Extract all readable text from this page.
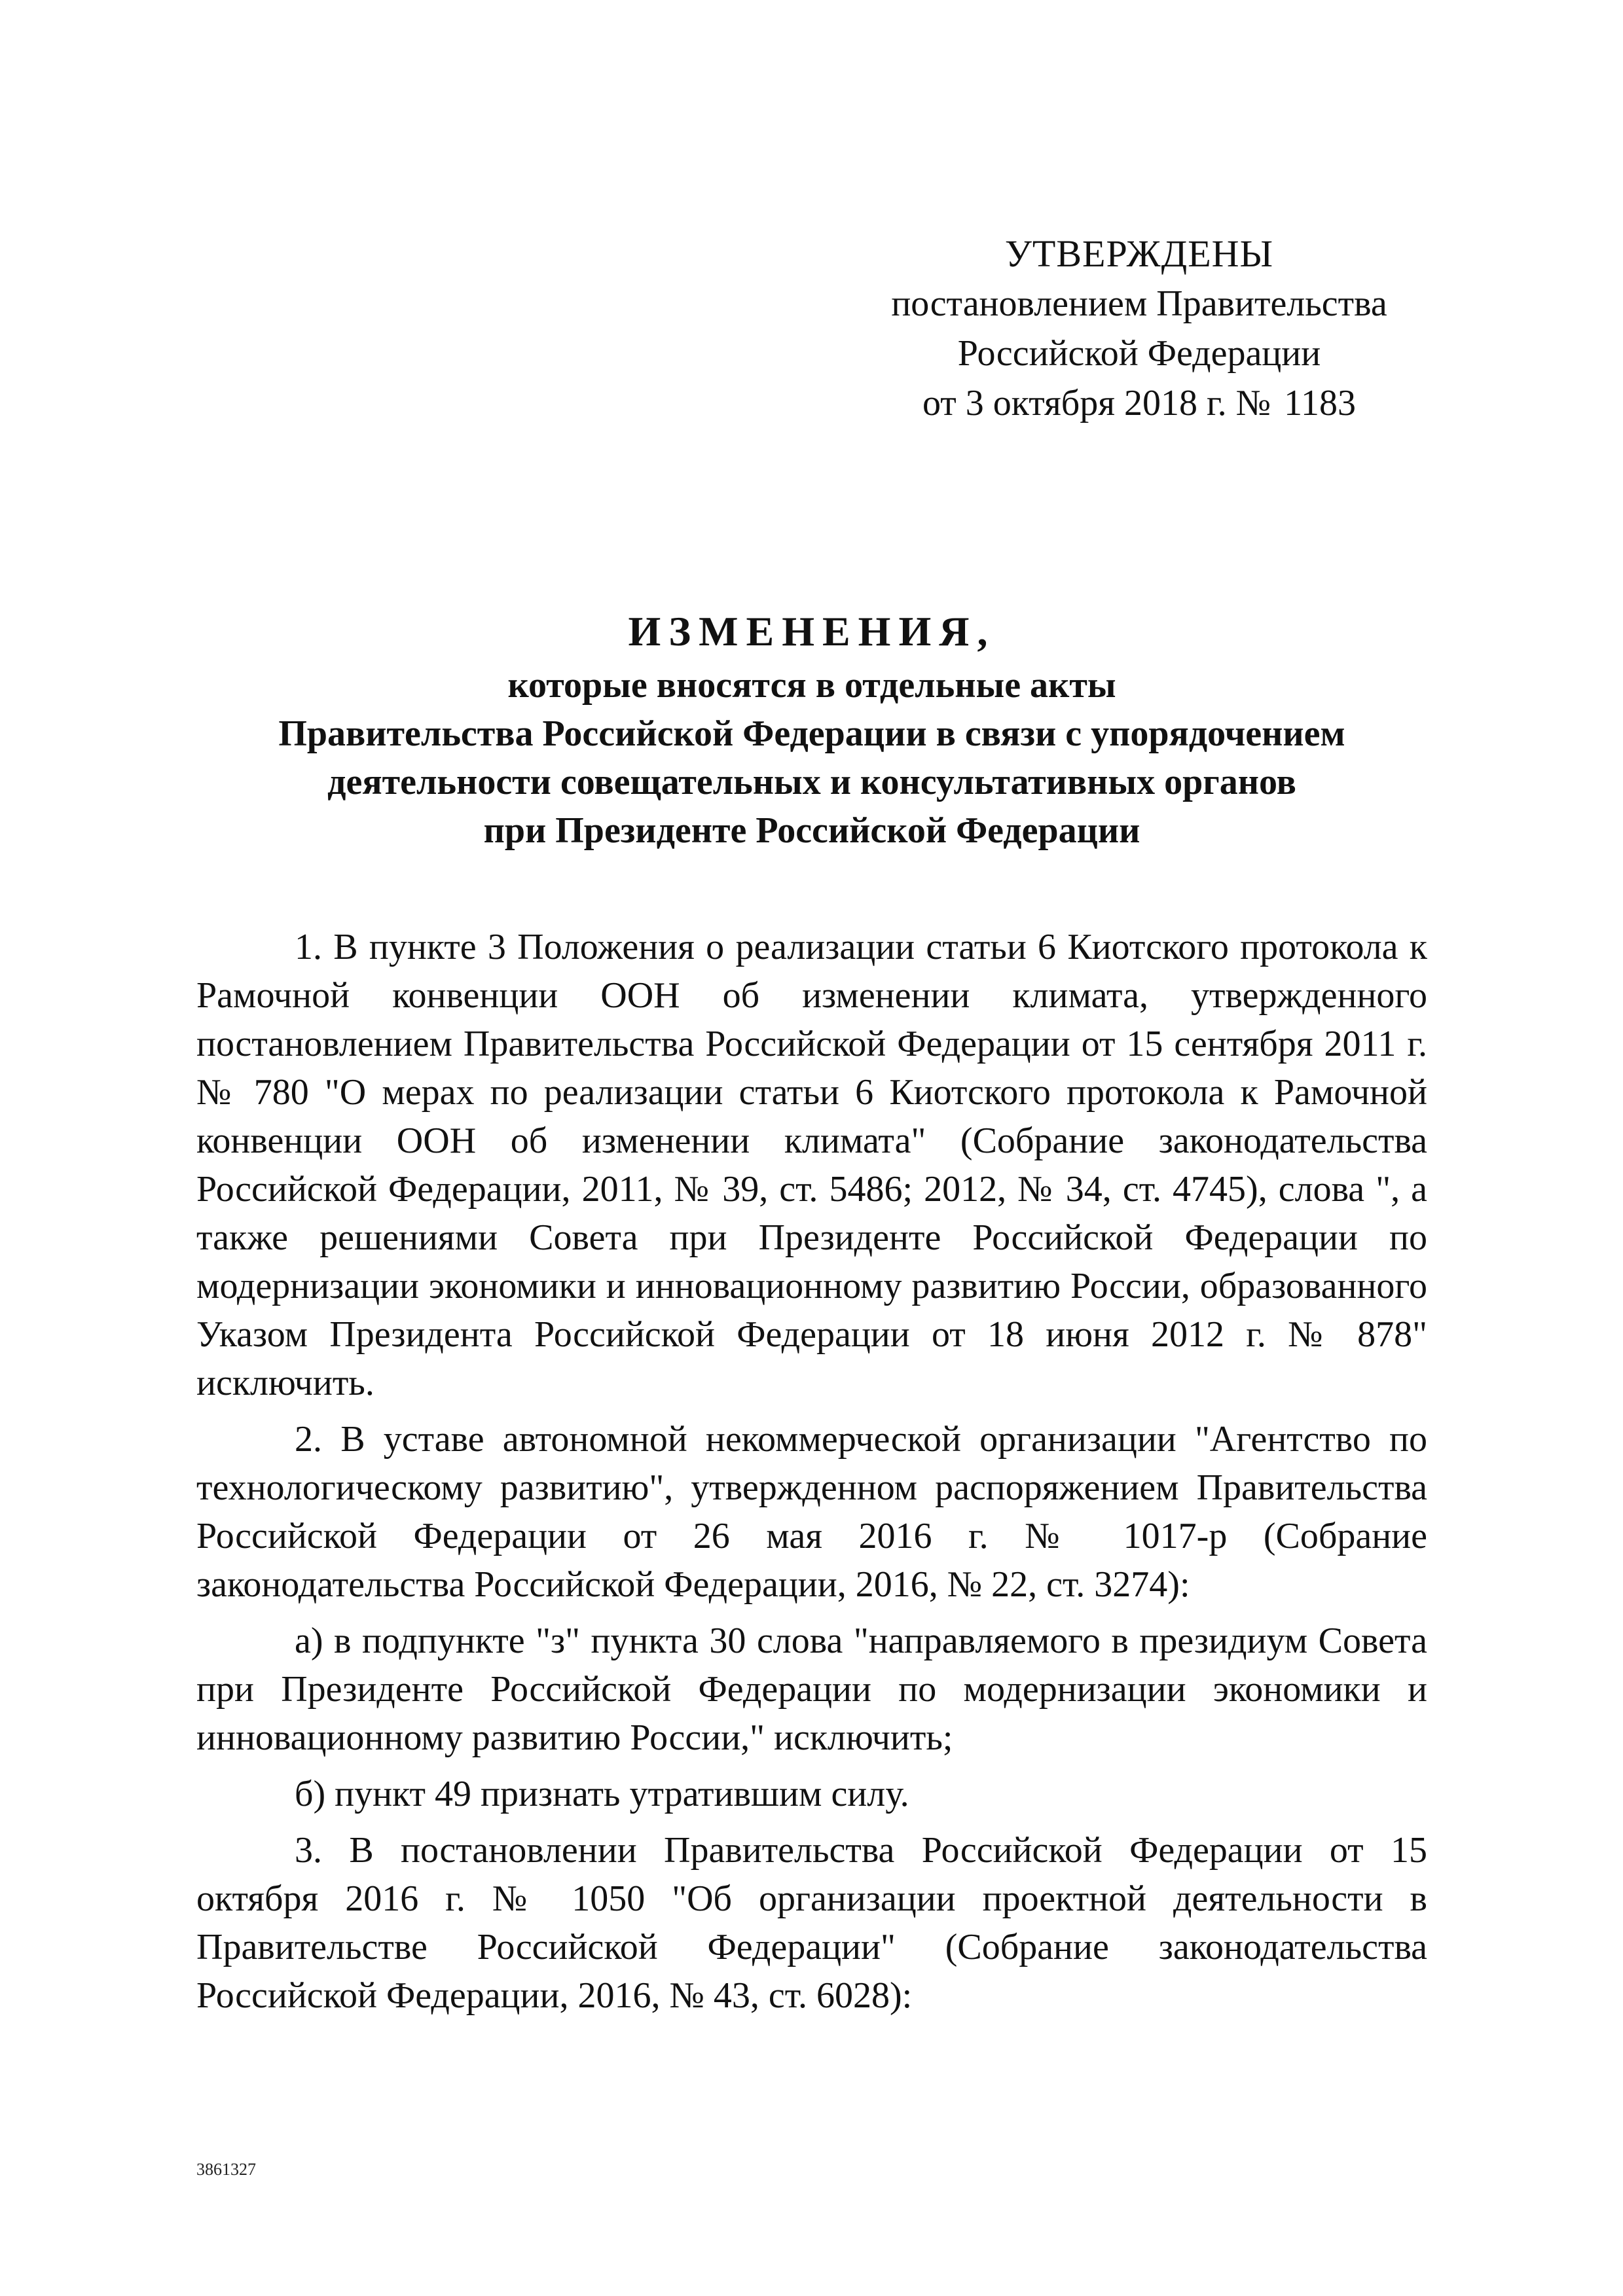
УТВЕРЖДЕНЫ
постановлением Правительства
Российской Федерации
от 3 октября 2018 г. № 1183
ИЗМЕНЕНИЯ,
которые вносятся в отдельные акты
Правительства Российской Федерации в связи с упорядочением
деятельности совещательных и консультативных органов
при Президенте Российской Федерации

1. В пункте 3 Положения о реализации статьи 6 Киотского протокола к Рамочной конвенции ООН об изменении климата, утвержденного постановлением Правительства Российской Федерации от 15 сентября 2011 г. № 780 "О мерах по реализации статьи 6 Киотского протокола к Рамочной конвенции ООН об изменении климата" (Собрание законодательства Российской Федерации, 2011, № 39, ст. 5486; 2012, № 34, ст. 4745), слова ", а также решениями Совета при Президенте Российской Федерации по модернизации экономики и инновационному развитию России, образованного Указом Президента Российской Федерации от 18 июня 2012 г. № 878" исключить.

2. В уставе автономной некоммерческой организации "Агентство по технологическому развитию", утвержденном распоряжением Правительства Российской Федерации от 26 мая 2016 г. № 1017-р (Собрание законодательства Российской Федерации, 2016, № 22, ст. 3274):

а) в подпункте "з" пункта 30 слова "направляемого в президиум Совета при Президенте Российской Федерации по модернизации экономики и инновационному развитию России," исключить;

б) пункт 49 признать утратившим силу.

3. В постановлении Правительства Российской Федерации от 15 октября 2016 г. № 1050 "Об организации проектной деятельности в Правительстве Российской Федерации" (Собрание законодательства Российской Федерации, 2016, № 43, ст. 6028):

3861327
